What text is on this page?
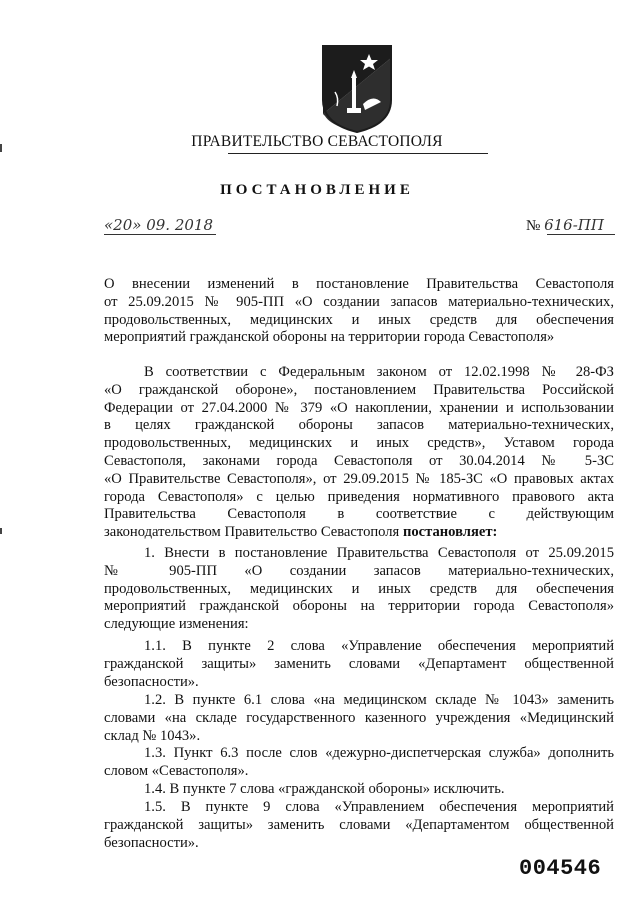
ПРАВИТЕЛЬСТВО СЕВАСТОПОЛЯ
ПОСТАНОВЛЕНИЕ
«20» 09. 2018	№ 616-ПП
О внесении изменений в постановление Правительства Севастополя
от 25.09.2015 № 905-ПП «О создании запасов материально-технических,
продовольственных, медицинских и иных средств для обеспечения
мероприятий гражданской обороны на территории города Севастополя»
В соответствии с Федеральным законом от 12.02.1998 № 28-ФЗ
«О гражданской обороне», постановлением Правительства Российской
Федерации от 27.04.2000 № 379 «О накоплении, хранении и использовании
в целях гражданской обороны запасов материально-технических,
продовольственных, медицинских и иных средств», Уставом города
Севастополя, законами города Севастополя от 30.04.2014 № 5-ЗС
«О Правительстве Севастополя», от 29.09.2015 № 185-ЗС «О правовых актах
города Севастополя» с целью приведения нормативного правового акта
Правительства Севастополя в соответствие с действующим
законодательством Правительство Севастополя постановляет:
1. Внести в постановление Правительства Севастополя от 25.09.2015
№ 905-ПП «О создании запасов материально-технических,
продовольственных, медицинских и иных средств для обеспечения
мероприятий гражданской обороны на территории города Севастополя»
следующие изменения:
1.1. В пункте 2 слова «Управление обеспечения мероприятий
гражданской защиты» заменить словами «Департамент общественной
безопасности».
1.2. В пункте 6.1 слова «на медицинском складе № 1043» заменить
словами «на складе государственного казенного учреждения «Медицинский
склад № 1043».
1.3. Пункт 6.3 после слов «дежурно-диспетчерская служба» дополнить
словом «Севастополя».
1.4. В пункте 7 слова «гражданской обороны» исключить.
1.5. В пункте 9 слова «Управлением обеспечения мероприятий
гражданской защиты» заменить словами «Департаментом общественной
безопасности».
004546
